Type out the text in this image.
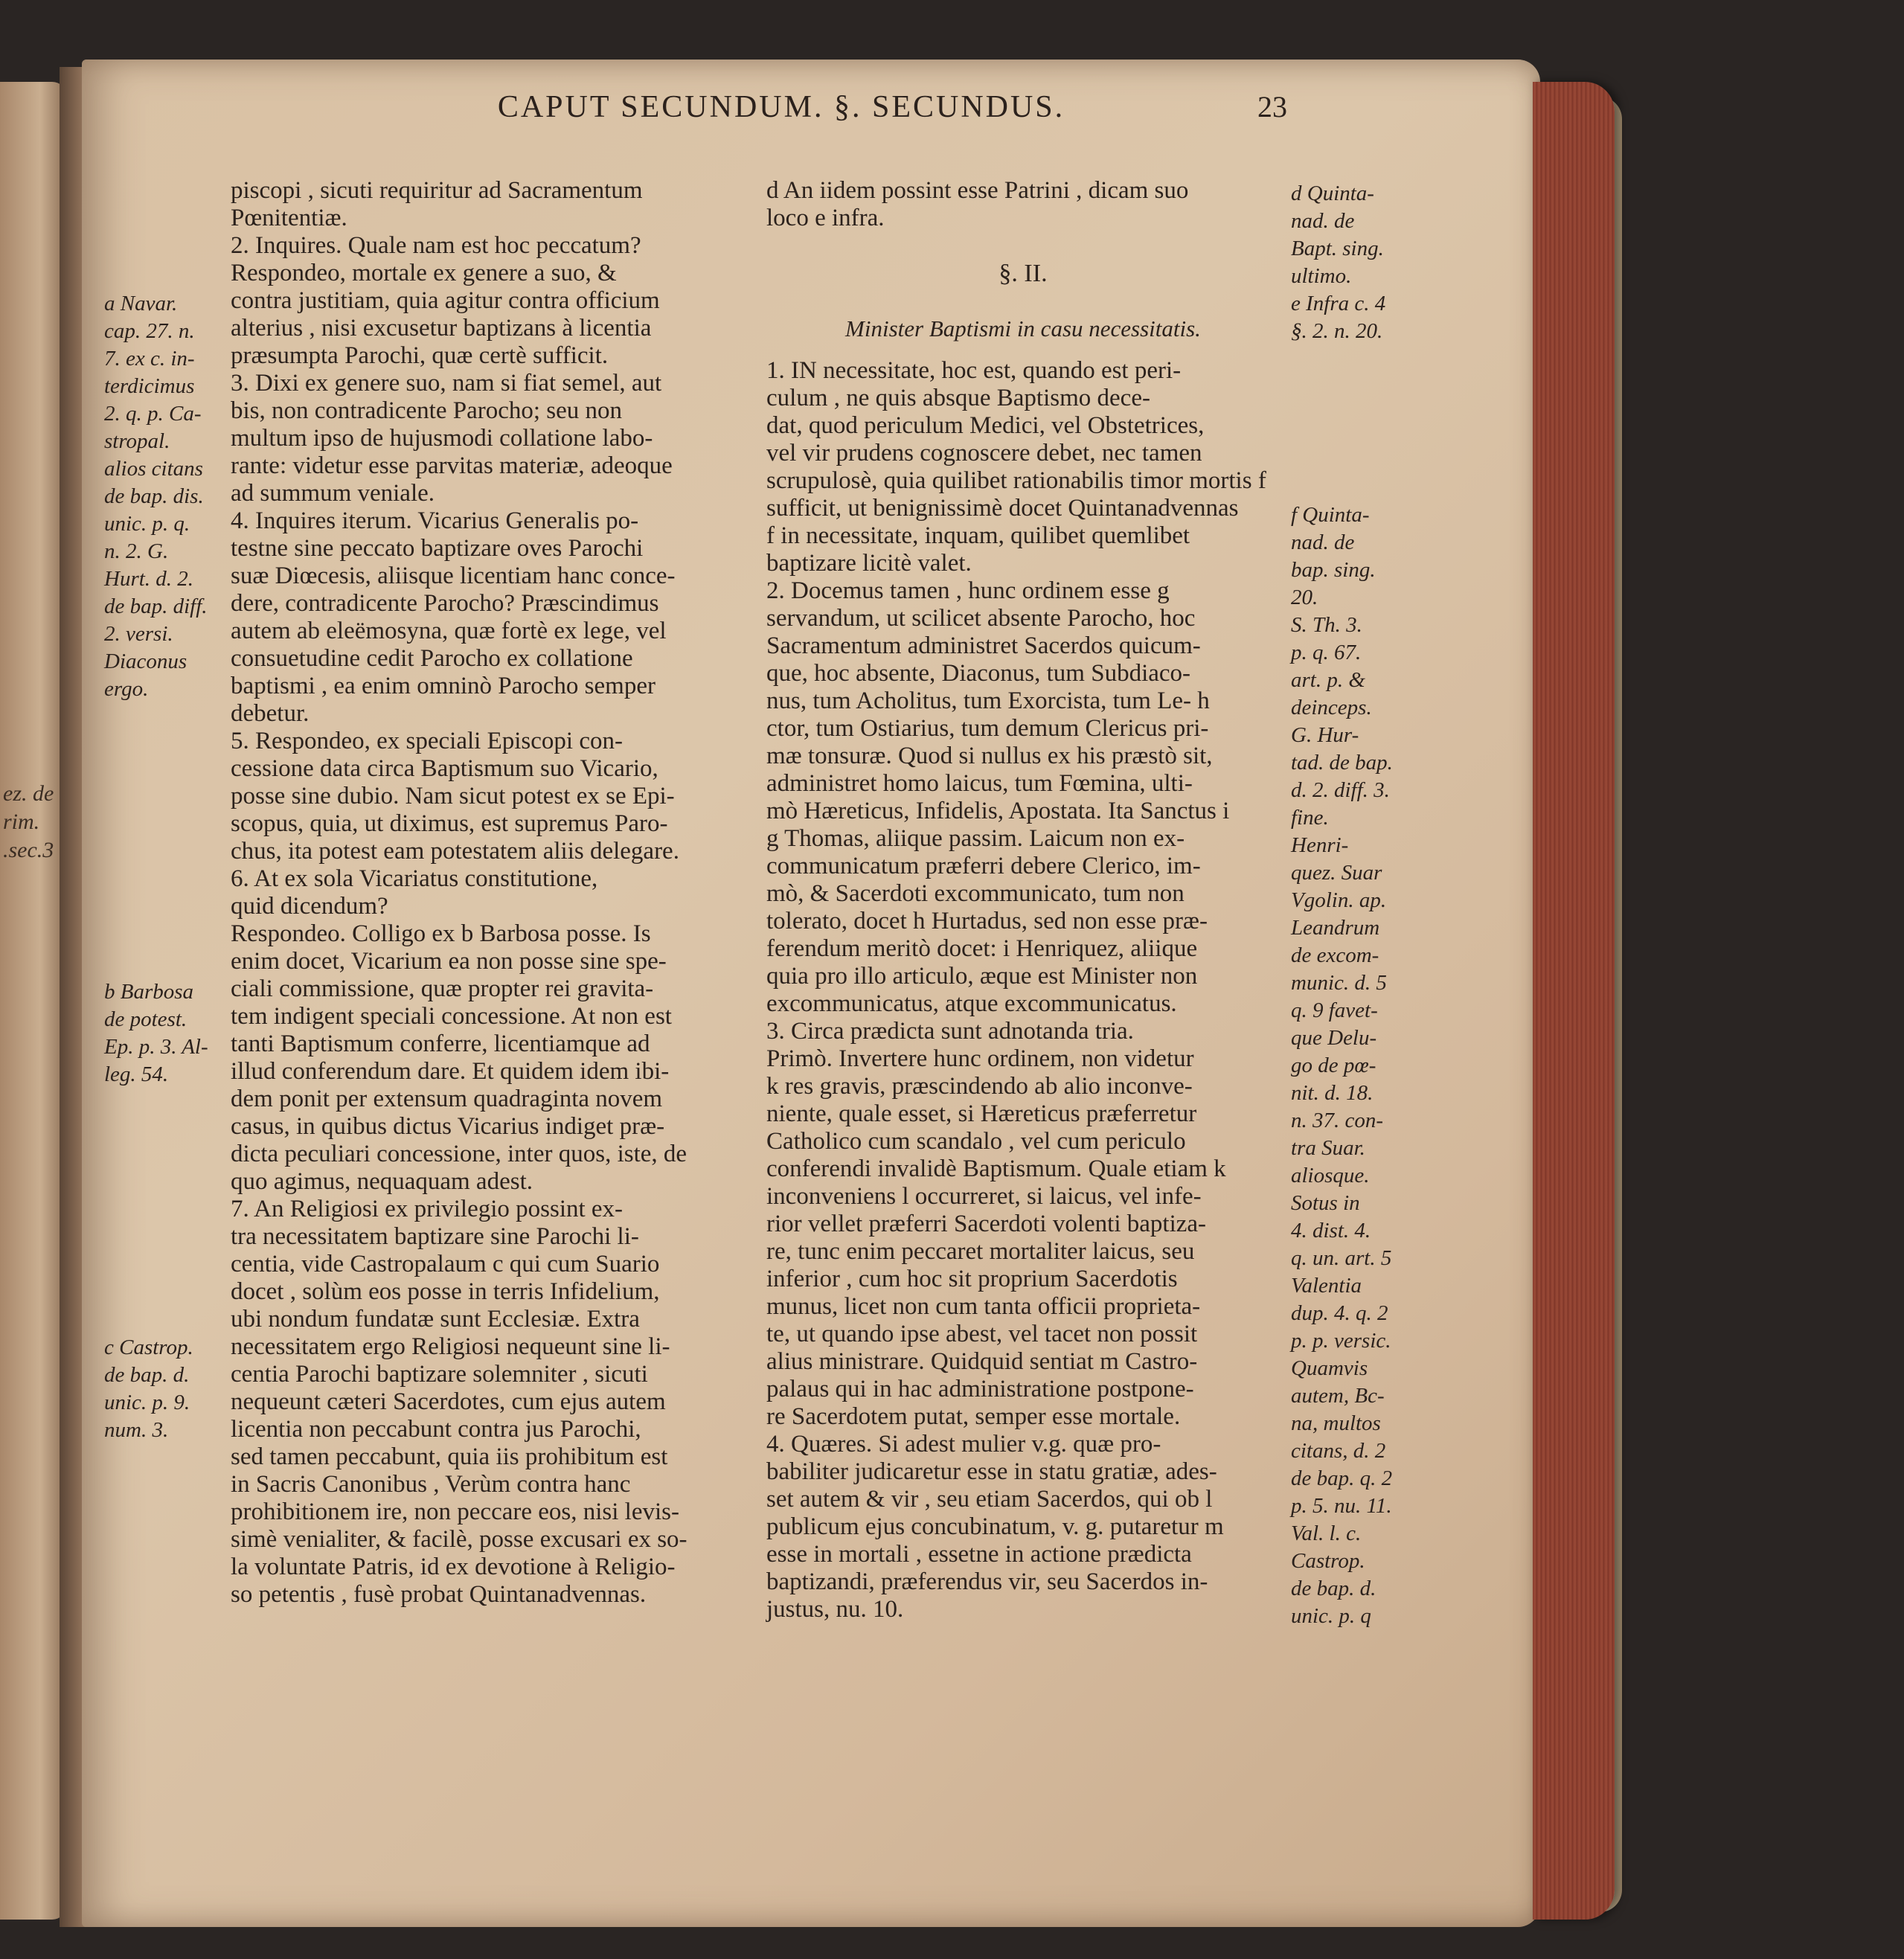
ez. de
rim.
.sec.3
CAPUT SECUNDUM. §. SECUNDUS.	23
piscopi , sicuti requiritur ad Sacramentum
Pœnitentiæ.
2. Inquires. Quale nam est hoc peccatum?
Respondeo, mortale ex genere a suo, &
contra justitiam, quia agitur contra officium
alterius , nisi excusetur baptizans à licentia
præsumpta Parochi, quæ certè sufficit.
3. Dixi ex genere suo, nam si fiat semel, aut
bis, non contradicente Parocho; seu non
multum ipso de hujusmodi collatione labo-
rante: videtur esse parvitas materiæ, adeoque
ad summum veniale.
4. Inquires iterum. Vicarius Generalis po-
testne sine peccato baptizare oves Parochi
suæ Diœcesis, aliisque licentiam hanc conce-
dere, contradicente Parocho? Præscindimus
autem ab eleëmosyna, quæ fortè ex lege, vel
consuetudine cedit Parocho ex collatione
baptismi , ea enim omninò Parocho semper
debetur.
5. Respondeo, ex speciali Episcopi con-
cessione data circa Baptismum suo Vicario,
posse sine dubio. Nam sicut potest ex se Epi-
scopus, quia, ut diximus, est supremus Paro-
chus, ita potest eam potestatem aliis delegare.
6. At ex sola Vicariatus constitutione,
quid dicendum?
Respondeo. Colligo ex b Barbosa posse. Is
enim docet, Vicarium ea non posse sine spe-
ciali commissione, quæ propter rei gravita-
tem indigent speciali concessione. At non est
tanti Baptismum conferre, licentiamque ad
illud conferendum dare. Et quidem idem ibi-
dem ponit per extensum quadraginta novem
casus, in quibus dictus Vicarius indiget præ-
dicta peculiari concessione, inter quos, iste, de
quo agimus, nequaquam adest.
7. An Religiosi ex privilegio possint ex-
tra necessitatem baptizare sine Parochi li-
centia, vide Castropalaum c qui cum Suario
docet , solùm eos posse in terris Infidelium,
ubi nondum fundatæ sunt Ecclesiæ. Extra
necessitatem ergo Religiosi nequeunt sine li-
centia Parochi baptizare solemniter , sicuti
nequeunt cæteri Sacerdotes, cum ejus autem
licentia non peccabunt contra jus Parochi,
sed tamen peccabunt, quia iis prohibitum est
in Sacris Canonibus , Verùm contra hanc
prohibitionem ire, non peccare eos, nisi levis-
simè venialiter, & facilè, posse excusari ex so-
la voluntate Patris, id ex devotione à Religio-
so petentis , fusè probat Quintanadvennas.
a Navar.
cap. 27. n.
7. ex c. in-
terdicimus
2. q. p. Ca-
stropal.
alios citans
de bap. dis.
unic. p. q.
n. 2. G.
Hurt. d. 2.
de bap. diff.
2. versi.
Diaconus
ergo.
b Barbosa
de potest.
Ep. p. 3. Al-
leg. 54.
c Castrop.
de bap. d.
unic. p. 9.
num. 3.
d An iidem possint esse Patrini , dicam suo
loco e infra.
§. II.
Minister Baptismi in casu necessitatis.
1. IN necessitate, hoc est, quando est peri-
culum , ne quis absque Baptismo dece-
dat, quod periculum Medici, vel Obstetrices,
vel vir prudens cognoscere debet, nec tamen
scrupulosè, quia quilibet rationabilis timor mortis f
sufficit, ut benignissimè docet Quintanadvennas
f in necessitate, inquam, quilibet quemlibet
baptizare licitè valet.
2. Docemus tamen , hunc ordinem esse g
servandum, ut scilicet absente Parocho, hoc
Sacramentum administret Sacerdos quicum-
que, hoc absente, Diaconus, tum Subdiaco-
nus, tum Acholitus, tum Exorcista, tum Le- h
ctor, tum Ostiarius, tum demum Clericus pri-
mæ tonsuræ. Quod si nullus ex his præstò sit,
administret homo laicus, tum Fœmina, ulti-
mò Hæreticus, Infidelis, Apostata. Ita Sanctus i
g Thomas, aliique passim. Laicum non ex-
communicatum præferri debere Clerico, im-
mò, & Sacerdoti excommunicato, tum non
tolerato, docet h Hurtadus, sed non esse præ-
ferendum meritò docet: i Henriquez, aliique
quia pro illo articulo, æque est Minister non
excommunicatus, atque excommunicatus.
3. Circa prædicta sunt adnotanda tria.
Primò. Invertere hunc ordinem, non videtur
k res gravis, præscindendo ab alio inconve-
niente, quale esset, si Hæreticus præferretur
Catholico cum scandalo , vel cum periculo
conferendi invalidè Baptismum. Quale etiam k
inconveniens l occurreret, si laicus, vel infe-
rior vellet præferri Sacerdoti volenti baptiza-
re, tunc enim peccaret mortaliter laicus, seu
inferior , cum hoc sit proprium Sacerdotis
munus, licet non cum tanta officii proprieta-
te, ut quando ipse abest, vel tacet non possit
alius ministrare. Quidquid sentiat m Castro-
palaus qui in hac administratione postpone-
re Sacerdotem putat, semper esse mortale.
4. Quæres. Si adest mulier v.g. quæ pro-
babiliter judicaretur esse in statu gratiæ, ades-
set autem & vir , seu etiam Sacerdos, qui ob l
publicum ejus concubinatum, v. g. putaretur m
esse in mortali , essetne in actione prædicta
baptizandi, præferendus vir, seu Sacerdos in-
justus, nu. 10.
d Quinta-
nad. de
Bapt. sing.
ultimo.
e Infra c. 4
§. 2. n. 20.
f Quinta-
nad. de
bap. sing.
20.
S. Th. 3.
p. q. 67.
art. p. &
deinceps.
G. Hur-
tad. de bap.
d. 2. diff. 3.
fine.
Henri-
quez. Suar
Vgolin. ap.
Leandrum
de excom-
munic. d. 5
q. 9 favet-
que Delu-
go de pœ-
nit. d. 18.
n. 37. con-
tra Suar.
aliosque.
Sotus in
4. dist. 4.
q. un. art. 5
Valentia
dup. 4. q. 2
p. p. versic.
Quamvis
autem, Bc-
na, multos
citans, d. 2
de bap. q. 2
p. 5. nu. 11.
Val. l. c.
Castrop.
de bap. d.
unic. p. q
